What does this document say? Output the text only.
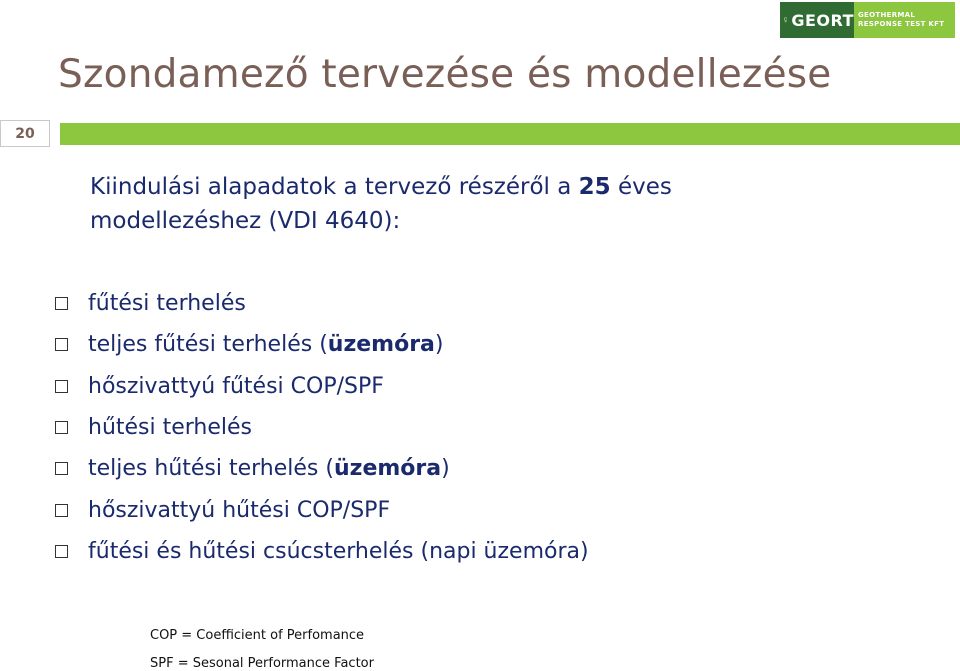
GEORT GEOTHERMAL
RESPONSE TEST KFT
Szondamező tervezése és modellezése
20

Kiindulási alapadatok a tervező részéről a 25 éves modellezéshez (VDI 4640):

fűtési terhelés
teljes fűtési terhelés (üzemóra)
hőszivattyú fűtési COP/SPF
hűtési terhelés
teljes hűtési terhelés (üzemóra)
hőszivattyú hűtési COP/SPF
fűtési és hűtési csúcsterhelés (napi üzemóra)
COP = Coefficient of Perfomance
SPF = Sesonal Performance Factor
